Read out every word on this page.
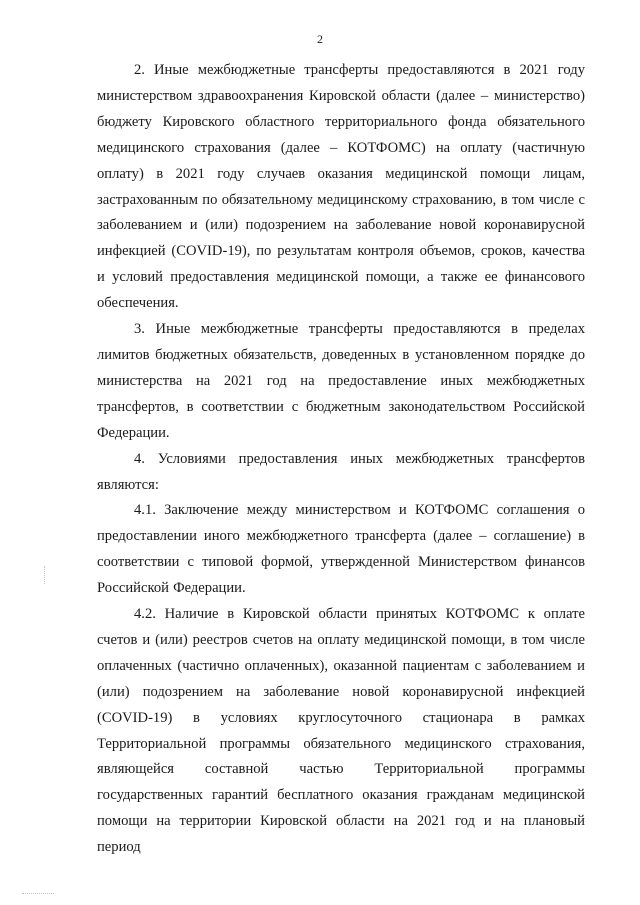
2

2. Иные межбюджетные трансферты предоставляются в 2021 году министерством здравоохранения Кировской области (далее – министерство) бюджету Кировского областного территориального фонда обязательного медицинского страхования (далее – КОТФОМС) на оплату (частичную оплату) в 2021 году случаев оказания медицинской помощи лицам, застрахованным по обязательному медицинскому страхованию, в том числе с заболеванием и (или) подозрением на заболевание новой коронавирусной инфекцией (COVID-19), по результатам контроля объемов, сроков, качества и условий предоставления медицинской помощи, а также ее финансового обеспечения.

3. Иные межбюджетные трансферты предоставляются в пределах лимитов бюджетных обязательств, доведенных в установленном порядке до министерства на 2021 год на предоставление иных межбюджетных трансфертов, в соответствии с бюджетным законодательством Российской Федерации.

4. Условиями предоставления иных межбюджетных трансфертов являются:

4.1. Заключение между министерством и КОТФОМС соглашения о предоставлении иного межбюджетного трансферта (далее – соглашение) в соответствии с типовой формой, утвержденной Министерством финансов Российской Федерации.

4.2. Наличие в Кировской области принятых КОТФОМС к оплате счетов и (или) реестров счетов на оплату медицинской помощи, в том числе оплаченных (частично оплаченных), оказанной пациентам с заболеванием и (или) подозрением на заболевание новой коронавирусной инфекцией (COVID-19) в условиях круглосуточного стационара в рамках Территориальной программы обязательного медицинского страхования, являющейся составной частью Территориальной программы государственных гарантий бесплатного оказания гражданам медицинской помощи на территории Кировской области на 2021 год и на плановый период
